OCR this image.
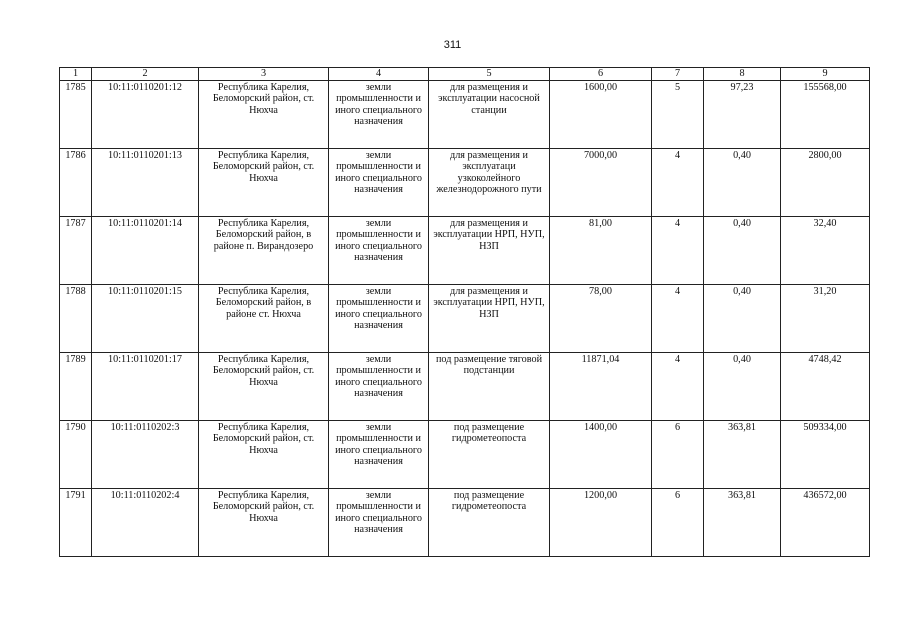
311
1	2	3	4	5	6	7	8	9
1785	10:11:0110201:12	Республика Карелия, Беломорский район, ст. Нюхча	земли промышленности и иного специального назначения	для размещения и эксплуатации насосной станции	1600,00	5	97,23	155568,00
1786	10:11:0110201:13	Республика Карелия, Беломорский район, ст. Нюхча	земли промышленности и иного специального назначения	для размещения и эксплуатаци узкоколейного железнодорожного пути	7000,00	4	0,40	2800,00
1787	10:11:0110201:14	Республика Карелия, Беломорский район, в районе п. Вирандозеро	земли промышленности и иного специального назначения	для размещения и эксплуатации НРП, НУП, НЗП	81,00	4	0,40	32,40
1788	10:11:0110201:15	Республика Карелия, Беломорский район, в районе ст. Нюхча	земли промышленности и иного специального назначения	для размещения и эксплуатации НРП, НУП, НЗП	78,00	4	0,40	31,20
1789	10:11:0110201:17	Республика Карелия, Беломорский район, ст. Нюхча	земли промышленности и иного специального назначения	под размещение тяговой подстанции	11871,04	4	0,40	4748,42
1790	10:11:0110202:3	Республика Карелия, Беломорский район, ст. Нюхча	земли промышленности и иного специального назначения	под размещение гидрометеопоста	1400,00	6	363,81	509334,00
1791	10:11:0110202:4	Республика Карелия, Беломорский район, ст. Нюхча	земли промышленности и иного специального назначения	под размещение гидрометеопоста	1200,00	6	363,81	436572,00
